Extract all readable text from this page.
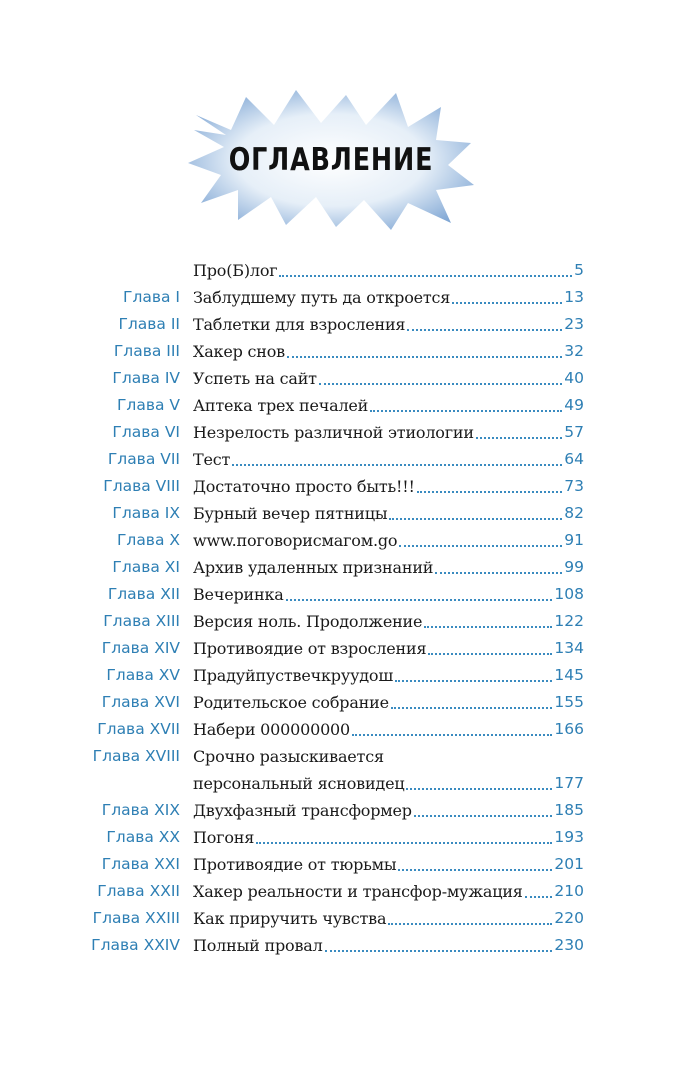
ОГЛАВЛЕНИЕ
Про(Б)лог	5
Глава I Заблудшему путь да откроется	13
Глава II Таблетки для взросления	23
Глава III Хакер снов	32
Глава IV Успеть на сайт	40
Глава V Аптека трех печалей	49
Глава VI Незрелость различной этиологии	57
Глава VII Тест	64
Глава VIII Достаточно просто быть!!!	73
Глава IX Бурный вечер пятницы	82
Глава X www.поговорисмагом.go	91
Глава XI Архив удаленных признаний	99
Глава XII Вечеринка	108
Глава XIII Версия ноль. Продолжение	122
Глава XIV Противоядие от взросления	134
Глава XV Прадуйпуствечкруудош	145
Глава XVI Родительское собрание	155
Глава XVII Набери 000000000	166
Глава XVIII Срочно разыскивается
персональный ясновидец	177
Глава XIX Двухфазный трансформер	185
Глава XX Погоня	193
Глава XXI Противоядие от тюрьмы	201
Глава XXII Хакер реальности и трансфор-мужация 210
Глава XXIII Как приручить чувства	220
Глава XXIV Полный провал	230
